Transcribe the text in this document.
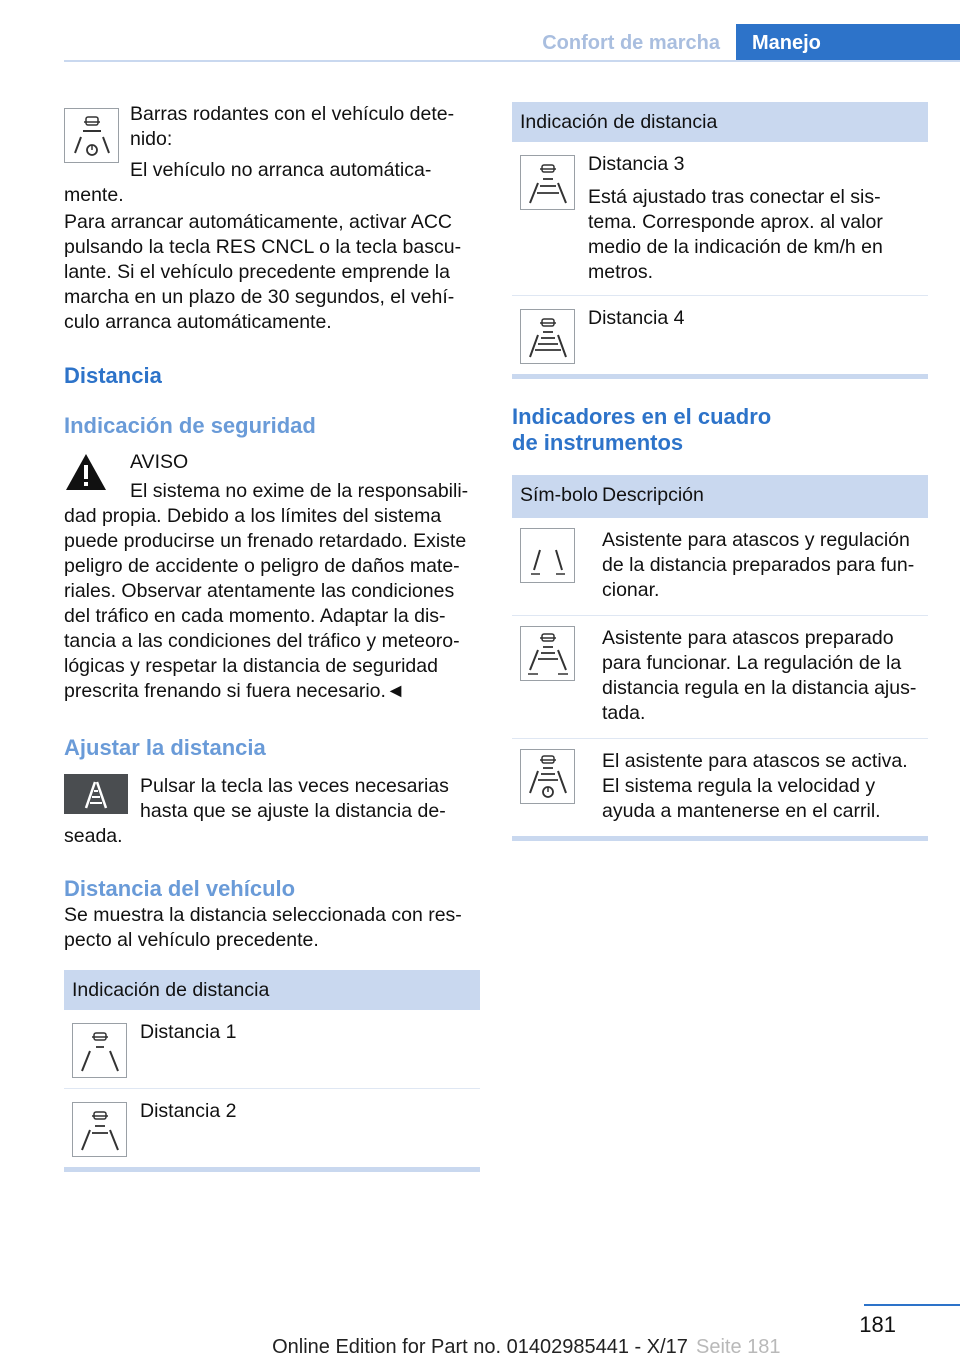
Confort de marcha	Manejo

Barras rodantes con el vehículo dete-nido:

El vehículo no arranca automática-mente.

Para arrancar automáticamente, activar ACC pulsando la tecla RES CNCL o la tecla bascu-lante. Si el vehículo precedente emprende la marcha en un plazo de 30 segundos, el vehí-culo arranca automáticamente.

Distancia
Indicación de seguridad

AVISO

El sistema no exime de la responsabili-dad propia. Debido a los límites del sistema puede producirse un frenado retardado. Existe peligro de accidente o peligro de daños mate-riales. Observar atentamente las condiciones del tráfico en cada momento. Adaptar la dis-tancia a las condiciones del tráfico y meteoro-lógicas y respetar la distancia de seguridad prescrita frenando si fuera necesario.◄

Ajustar la distancia

Pulsar la tecla las veces necesarias hasta que se ajuste la distancia de-seada.

Distancia del vehículo

Se muestra la distancia seleccionada con res-pecto al vehículo precedente.

Indicación de distancia

Distancia 1

Distancia 2

Indicación de distancia

Distancia 3

Está ajustado tras conectar el sis-tema. Corresponde aprox. al valor medio de la indicación de km/h en metros.

Distancia 4

Indicadores en el cuadro
de instrumentos
Sím-bolo Descripción

Asistente para atascos y regulación de la distancia preparados para fun-cionar.

Asistente para atascos preparado para funcionar. La regulación de la distancia regula en la distancia ajus-tada.

El asistente para atascos se activa. El sistema regula la velocidad y ayuda a mantenerse en el carril.

181
Seite 181
Online Edition for Part no. 01402985441 - X/17
